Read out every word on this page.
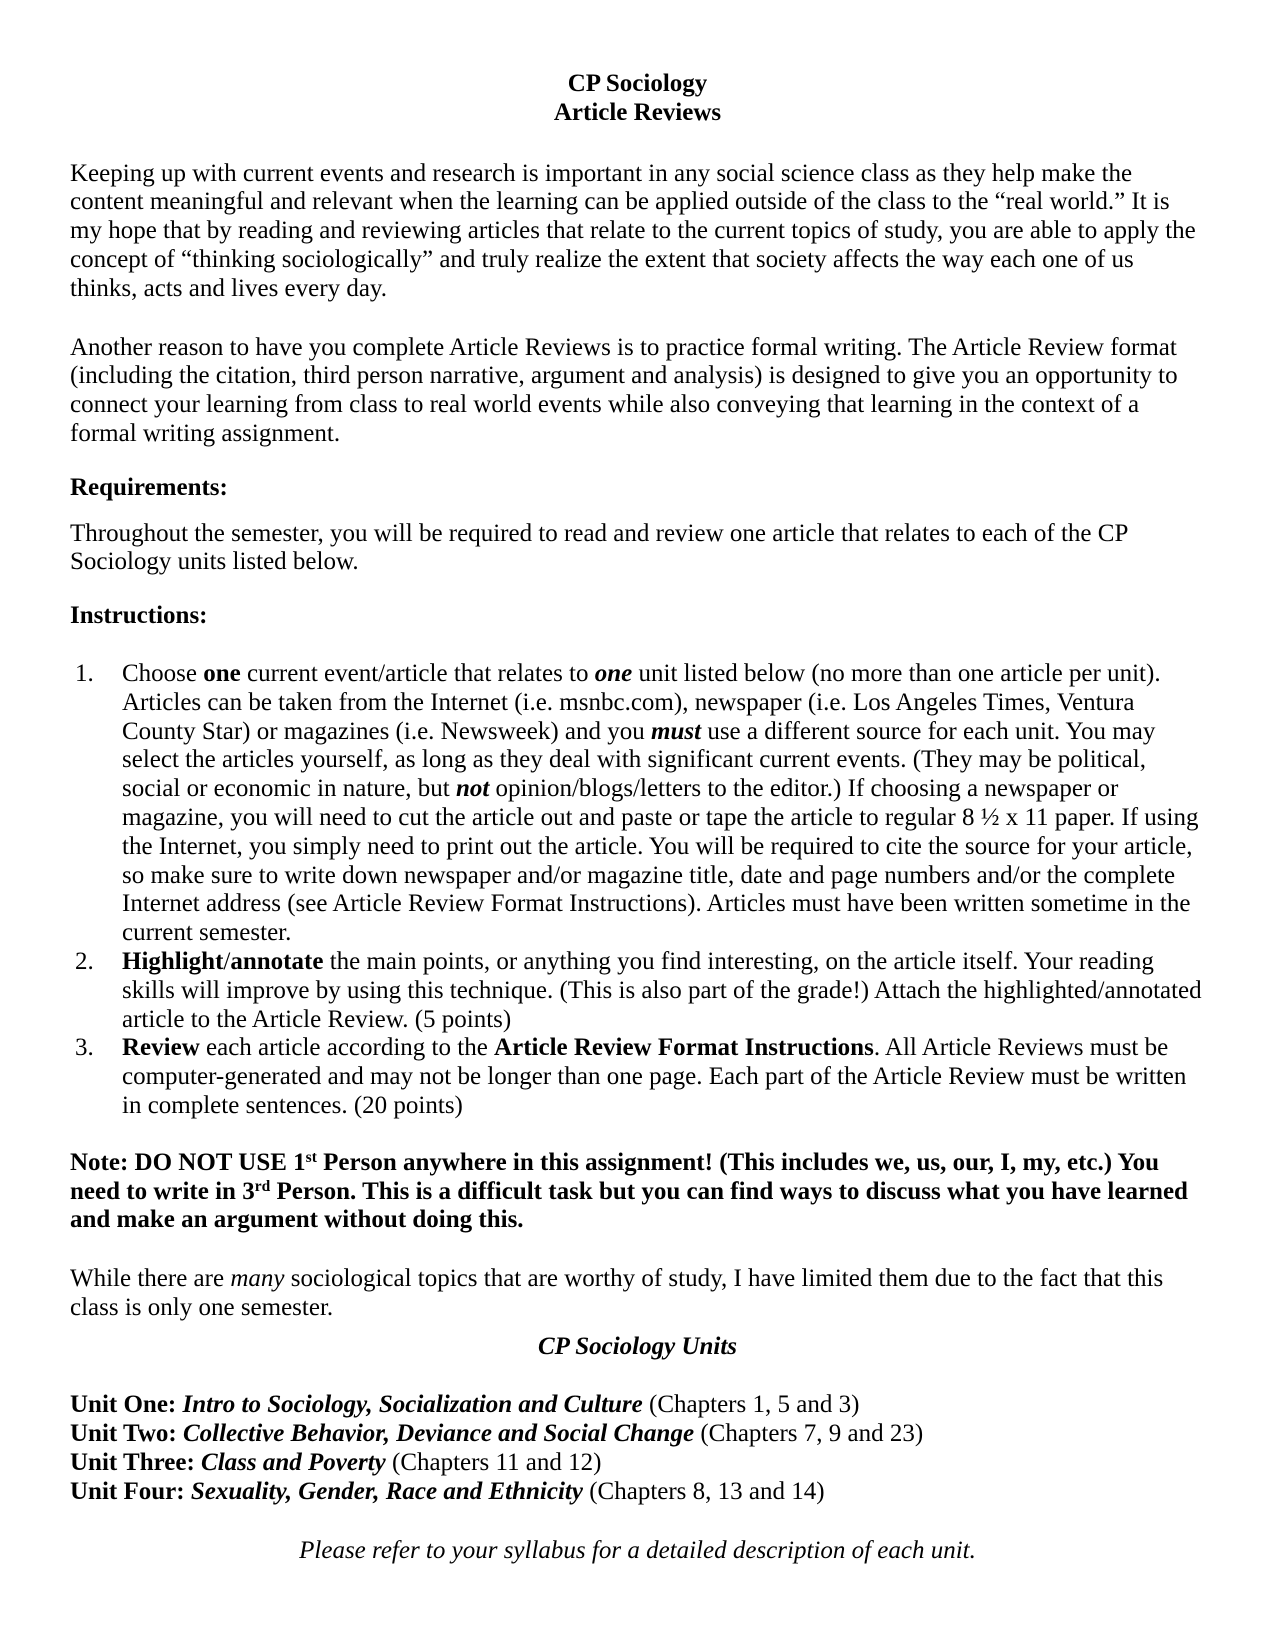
CP Sociology
Article Reviews

Keeping up with current events and research is important in any social science class as they help make the content meaningful and relevant when the learning can be applied outside of the class to the “real world.” It is my hope that by reading and reviewing articles that relate to the current topics of study, you are able to apply the concept of “thinking sociologically” and truly realize the extent that society affects the way each one of us thinks, acts and lives every day.

Another reason to have you complete Article Reviews is to practice formal writing. The Article Review format (including the citation, third person narrative, argument and analysis) is designed to give you an opportunity to connect your learning from class to real world events while also conveying that learning in the context of a formal writing assignment.

Requirements:

Throughout the semester, you will be required to read and review one article that relates to each of the CP Sociology units listed below.

Instructions:
1. Choose one current event/article that relates to one unit listed below (no more than one article per unit). Articles can be taken from the Internet (i.e. msnbc.com), newspaper (i.e. Los Angeles Times, Ventura County Star) or magazines (i.e. Newsweek) and you must use a different source for each unit. You may select the articles yourself, as long as they deal with significant current events. (They may be political, social or economic in nature, but not opinion/blogs/letters to the editor.) If choosing a newspaper or magazine, you will need to cut the article out and paste or tape the article to regular 8 ½ x 11 paper. If using the Internet, you simply need to print out the article. You will be required to cite the source for your article, so make sure to write down newspaper and/or magazine title, date and page numbers and/or the complete Internet address (see Article Review Format Instructions). Articles must have been written sometime in the current semester.
2. Highlight/annotate the main points, or anything you find interesting, on the article itself. Your reading skills will improve by using this technique. (This is also part of the grade!) Attach the highlighted/annotated article to the Article Review. (5 points)
3. Review each article according to the Article Review Format Instructions. All Article Reviews must be computer-generated and may not be longer than one page. Each part of the Article Review must be written in complete sentences. (20 points)

Note: DO NOT USE 1st Person anywhere in this assignment! (This includes we, us, our, I, my, etc.) You need to write in 3rd Person. This is a difficult task but you can find ways to discuss what you have learned and make an argument without doing this.

While there are many sociological topics that are worthy of study, I have limited them due to the fact that this class is only one semester.

CP Sociology Units
Unit One: Intro to Sociology, Socialization and Culture (Chapters 1, 5 and 3)
Unit Two: Collective Behavior, Deviance and Social Change (Chapters 7, 9 and 23)
Unit Three: Class and Poverty (Chapters 11 and 12)
Unit Four: Sexuality, Gender, Race and Ethnicity (Chapters 8, 13 and 14)
Please refer to your syllabus for a detailed description of each unit.
